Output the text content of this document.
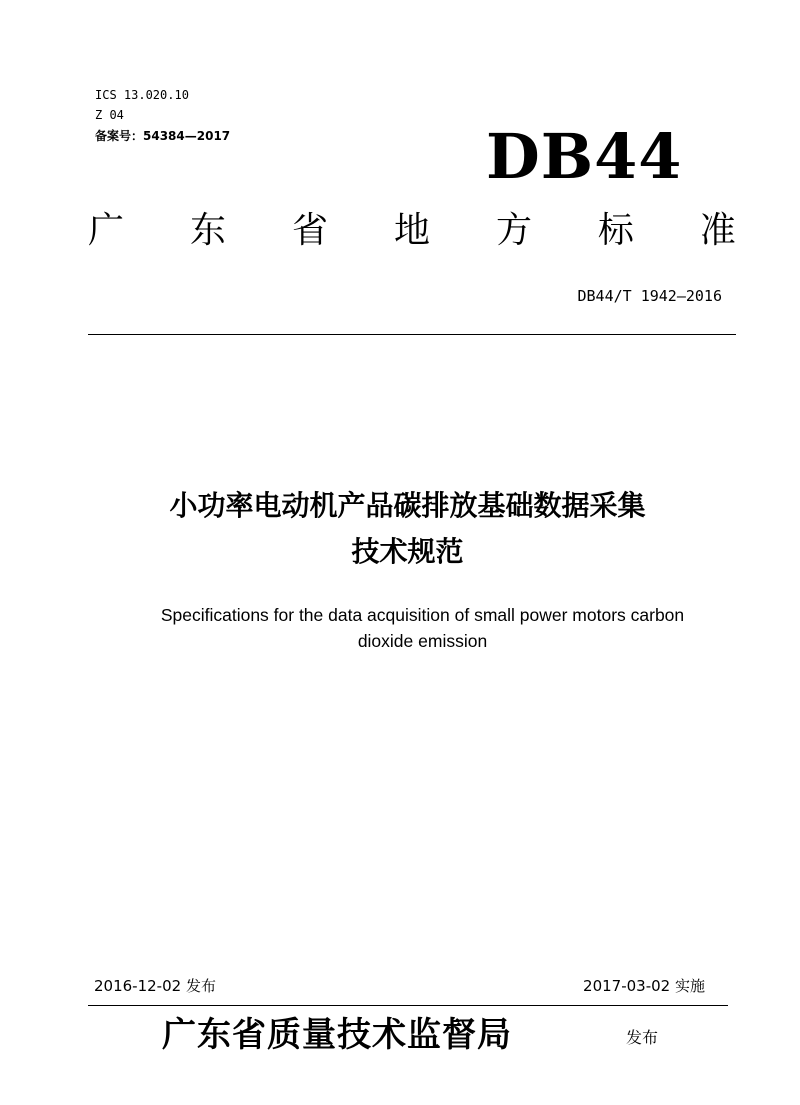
ICS 13.020.10
Z 04
备案号：54384—2017	DB44
广 东 省 地 方 标 准
DB44/T 1942—2016
小功率电动机产品碳排放基础数据采集
技术规范
Specifications for the data acquisition of small power motors carbon
dioxide emission
2016-12-02 发布	2017-03-02 实施
广东省质量技术监督局	发布
